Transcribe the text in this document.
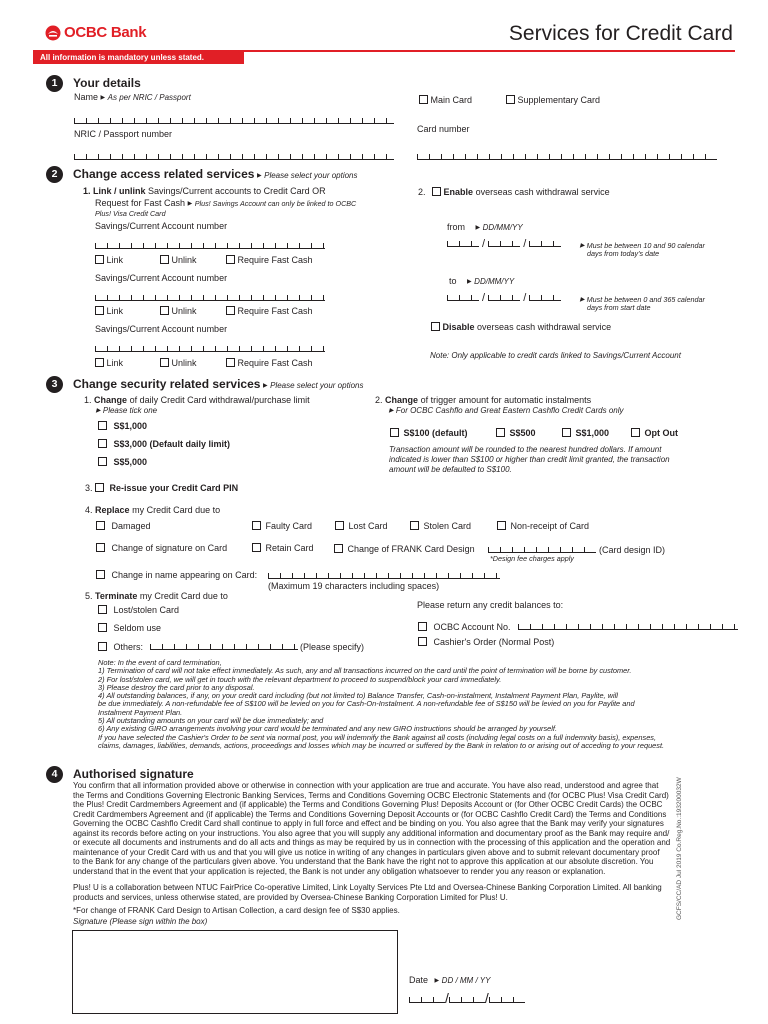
OCBC Bank	Services for Credit Card
All information is mandatory unless stated.
1	Your details
Name ▶ As per NRIC / Passport	Main Card	Supplementary Card
NRIC / Passport number	Card number
2	Change access related services ▶ Please select your options
1. Link / unlink Savings/Current accounts to Credit Card OR
Request for Fast Cash ▶ Plus! Savings Account can only be linked to OCBC
Plus! Visa Credit Card
Savings/Current Account number
Link	Unlink	Require Fast Cash
Savings/Current Account number
Link	Unlink	Require Fast Cash
Savings/Current Account number
Link	Unlink	Require Fast Cash
2. Enable overseas cash withdrawal service
from ▶ DD/MM/YY
/	/	▶ Must be between 10 and 90 calendar
days from today's date
to ▶ DD/MM/YY
/	/	▶ Must be between 0 and 365 calendar
days from start date
Disable overseas cash withdrawal service
Note: Only applicable to credit cards linked to Savings/Current Account
3	Change security related services ▶ Please select your options
1. Change of daily Credit Card withdrawal/purchase limit
▶ Please tick one
S$1,000
S$3,000 (Default daily limit)
S$5,000
2. Change of trigger amount for automatic instalments
▶ For OCBC Cashflo and Great Eastern Cashflo Credit Cards only
S$100 (default)	S$500	S$1,000	Opt Out
Transaction amount will be rounded to the nearest hundred dollars. If amount
indicated is lower than S$100 or higher than credit limit granted, the transaction
amount will be defaulted to S$100.
3. Re-issue your Credit Card PIN
4. Replace my Credit Card due to
Damaged	Faulty Card	Lost Card	Stolen Card	Non-receipt of Card
Change of signature on Card	Retain Card	Change of FRANK Card Design	(Card design ID)
*Design fee charges apply
Change in name appearing on Card:
(Maximum 19 characters including spaces)
5. Terminate my Credit Card due to
Lost/stolen Card
Seldom use
Others:	(Please specify)
Please return any credit balances to:
OCBC Account No.
Cashier's Order (Normal Post)
Note: In the event of card termination,
1) Termination of card will not take effect immediately. As such, any and all transactions incurred on the card until the point of termination will be borne by customer.
2) For lost/stolen card, we will get in touch with the relevant department to proceed to suspend/block your card immediately.
3) Please destroy the card prior to any disposal.
4) All outstanding balances, if any, on your credit card including (but not limited to) Balance Transfer, Cash-on-instalment, Instalment Payment Plan, Paylite, will
be due immediately. A non-refundable fee of S$100 will be levied on you for Cash-On-Instalment. A non-refundable fee of S$150 will be levied on you for Paylite and
Instalment Payment Plan.
5) All outstanding amounts on your card will be due immediately; and
6) Any existing GIRO arrangements involving your card would be terminated and any new GIRO instructions should be arranged by yourself.
If you have selected the Cashier's Order to be sent via normal post, you will indemnify the Bank against all costs (including legal costs on a full indemnity basis), expenses,
claims, damages, liabilities, demands, actions, proceedings and losses which may be incurred or suffered by the Bank in relation to or arising out of acceding to your request.
4	Authorised signature
You confirm that all information provided above or otherwise in connection with your application are true and accurate. You have also read, understood and agree that
the Terms and Conditions Governing Electronic Banking Services, Terms and Conditions Governing OCBC Electronic Statements and (for OCBC Plus! Visa Credit Card)
the Plus! Credit Cardmembers Agreement and (if applicable) the Terms and Conditions Governing Plus! Deposits Account or (for Other OCBC Credit Cards) the OCBC
Credit Cardmembers Agreement and (if applicable) the Terms and Conditions Governing Deposit Accounts or (for OCBC Cashflo Credit Card) the Terms and Conditions
Governing the OCBC Cashflo Credit Card shall continue to apply in full force and effect and be binding on you. You also agree that the Bank may verify your signatures
against its records before acting on your instructions. You also agree that you will supply any additional information and documentary proof as the Bank may require and/
or execute all documents and instruments and do all acts and things as may be required by us in connection with the processing of this application and the operation and
maintenance of your Credit Card with us and that you will give us notice in writing of any changes in particulars given above and to submit relevant documentary proof
to the Bank for any change of the particulars given above. You understand that the Bank have the right not to approve this application at our absolute discretion. You
understand that in the event that your application is rejected, the Bank is not under any obligation whatsoever to render you any reason or explanation.
Plus! U is a collaboration between NTUC FairPrice Co-operative Limited, Link Loyalty Services Pte Ltd and Oversea-Chinese Banking Corporation Limited. All banking
products and services, unless otherwise stated, are provided by Oversea-Chinese Banking Corporation Limited for Plus! U.
*For change of FRANK Card Design to Artisan Collection, a card design fee of S$30 applies.
Signature (Please sign within the box)
Date ▶ DD / MM / YY
/	/
GCFS/CC/AD Jul 2019 Co.Reg.No.:193200032W
